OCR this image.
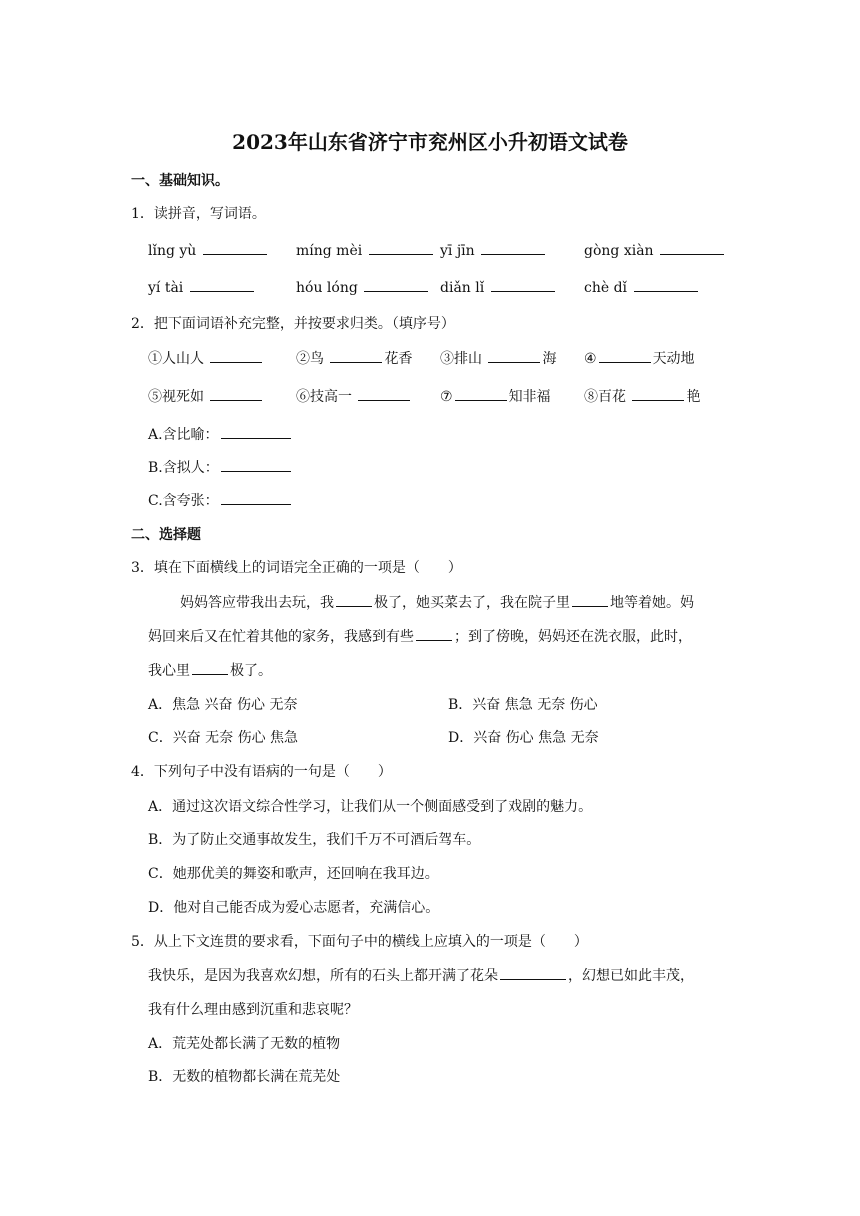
2023年山东省济宁市兖州区小升初语文试卷
一、基础知识。
1．读拼音，写词语。
lǐng yù	míng mèi	yī jīn	gòng xiàn
yí tài	hóu lóng	diǎn lǐ	chè dǐ
2．把下面词语补充完整，并按要求归类。（填序号）
①人山人	②鸟	花香 ③排山	海 ④	天动地
⑤视死如	⑥技高一	⑦	知非福 ⑧百花	艳
A.含比喻：
B.含拟人：
C.含夸张：
二、选择题
3．填在下面横线上的词语完全正确的一项是（　　）
妈妈答应带我出去玩，我	极了，她买菜去了，我在院子里	地等着她。妈
妈回来后又在忙着其他的家务，我感到有些	；到了傍晚，妈妈还在洗衣服，此时，
我心里	极了。
A．焦急 兴奋 伤心 无奈	B．兴奋 焦急 无奈 伤心
C．兴奋 无奈 伤心 焦急	D．兴奋 伤心 焦急 无奈
4．下列句子中没有语病的一句是（　　）
A．通过这次语文综合性学习，让我们从一个侧面感受到了戏剧的魅力。
B．为了防止交通事故发生，我们千万不可酒后驾车。
C．她那优美的舞姿和歌声，还回响在我耳边。
D．他对自己能否成为爱心志愿者，充满信心。
5．从上下文连贯的要求看，下面句子中的横线上应填入的一项是（　　）
我快乐，是因为我喜欢幻想，所有的石头上都开满了花朵	，幻想已如此丰茂，
我有什么理由感到沉重和悲哀呢？
A．荒芜处都长满了无数的植物
B．无数的植物都长满在荒芜处
